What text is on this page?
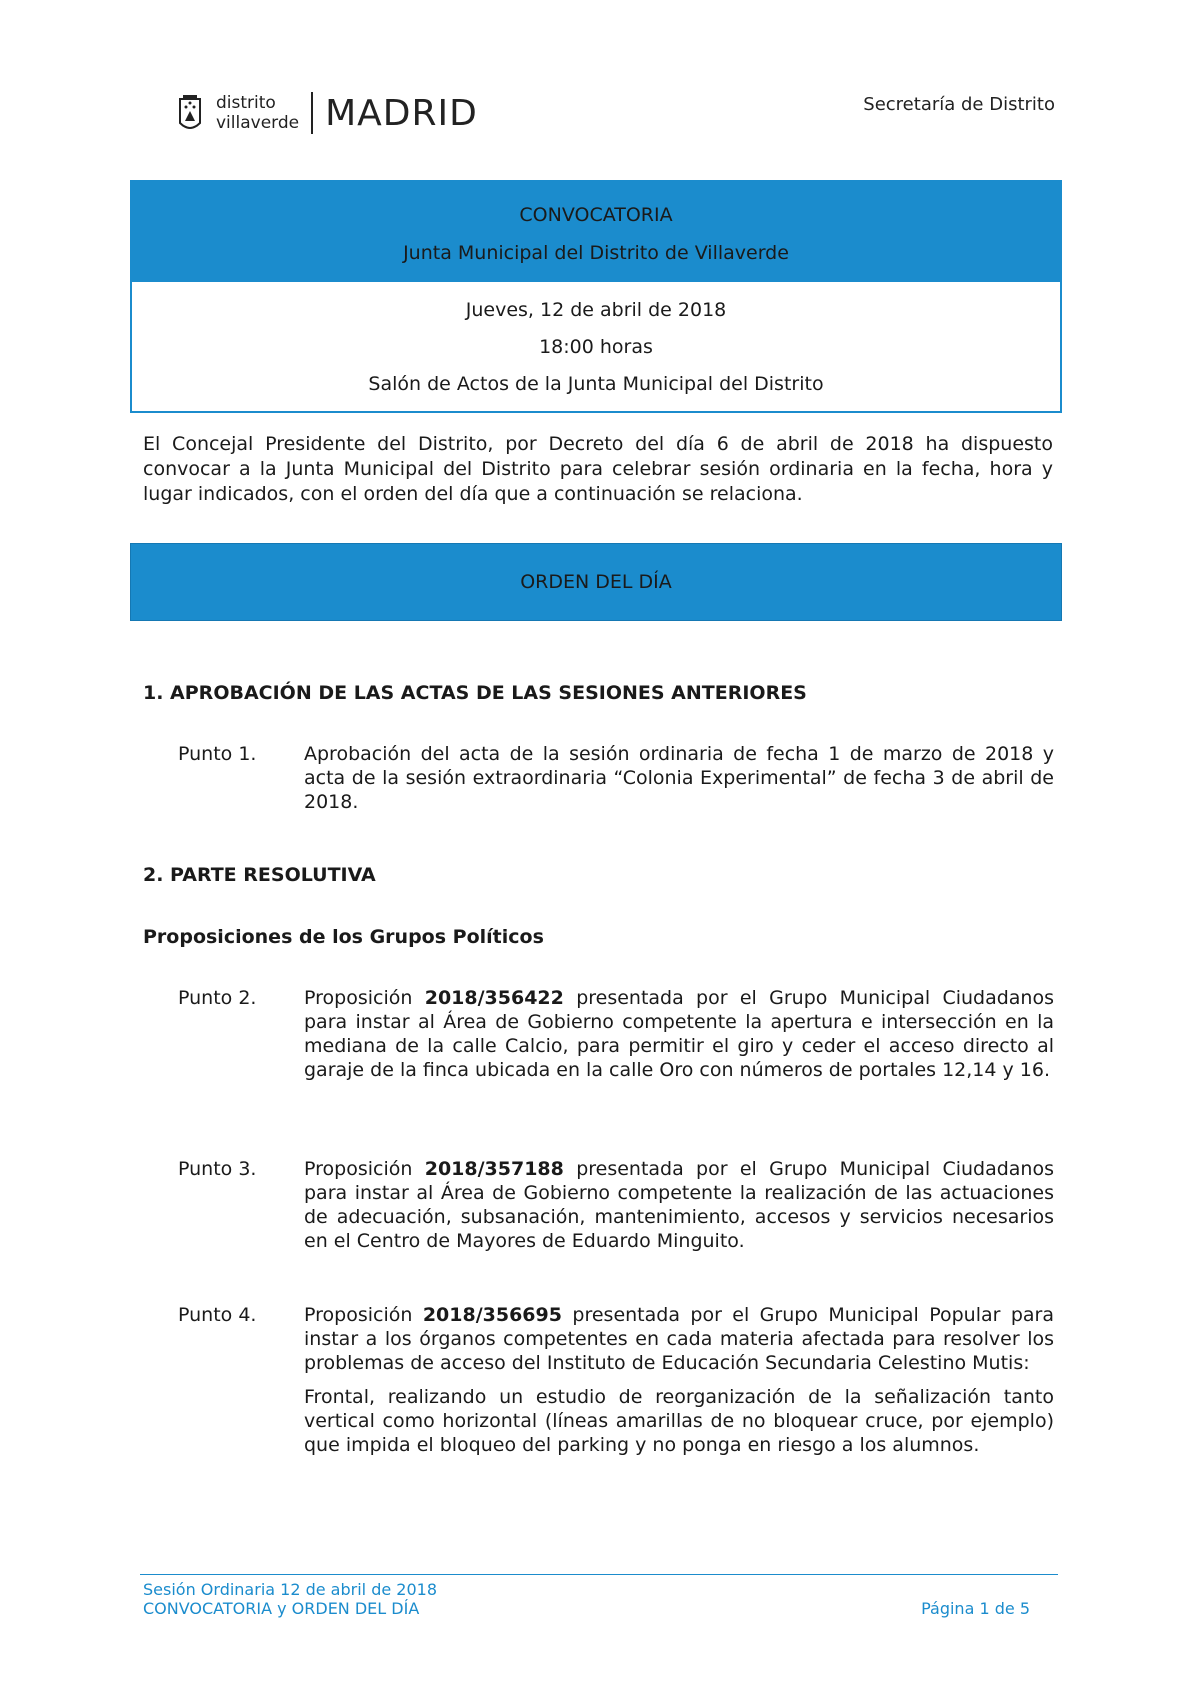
distrito
villaverde MADRID	Secretaría de Distrito
CONVOCATORIA
Junta Municipal del Distrito de Villaverde
Jueves, 12 de abril de 2018
18:00 horas
Salón de Actos de la Junta Municipal del Distrito
El Concejal Presidente del Distrito, por Decreto del día 6 de abril de 2018 ha dispuesto convocar a la Junta Municipal del Distrito para celebrar sesión ordinaria en la fecha, hora y lugar indicados, con el orden del día que a continuación se relaciona.
ORDEN DEL DÍA
1. APROBACIÓN DE LAS ACTAS DE LAS SESIONES ANTERIORES
Punto 1.	Aprobación del acta de la sesión ordinaria de fecha 1 de marzo de 2018 y acta de la sesión extraordinaria “Colonia Experimental” de fecha 3 de abril de 2018.
2. PARTE RESOLUTIVA
Proposiciones de los Grupos Políticos
Punto 2.	Proposición 2018/356422 presentada por el Grupo Municipal Ciudadanos para instar al Área de Gobierno competente la apertura e intersección en la mediana de la calle Calcio, para permitir el giro y ceder el acceso directo al garaje de la finca ubicada en la calle Oro con números de portales 12,14 y 16.
Punto 3.	Proposición 2018/357188 presentada por el Grupo Municipal Ciudadanos para instar al Área de Gobierno competente la realización de las actuaciones de adecuación, subsanación, mantenimiento, accesos y servicios necesarios en el Centro de Mayores de Eduardo Minguito.
Punto 4.	Proposición 2018/356695 presentada por el Grupo Municipal Popular para instar a los órganos competentes en cada materia afectada para resolver los problemas de acceso del Instituto de Educación Secundaria Celestino Mutis:

Frontal, realizando un estudio de reorganización de la señalización tanto vertical como horizontal (líneas amarillas de no bloquear cruce, por ejemplo) que impida el bloqueo del parking y no ponga en riesgo a los alumnos.

Sesión Ordinaria 12 de abril de 2018
CONVOCATORIA y ORDEN DEL DÍA	Página 1 de 5
